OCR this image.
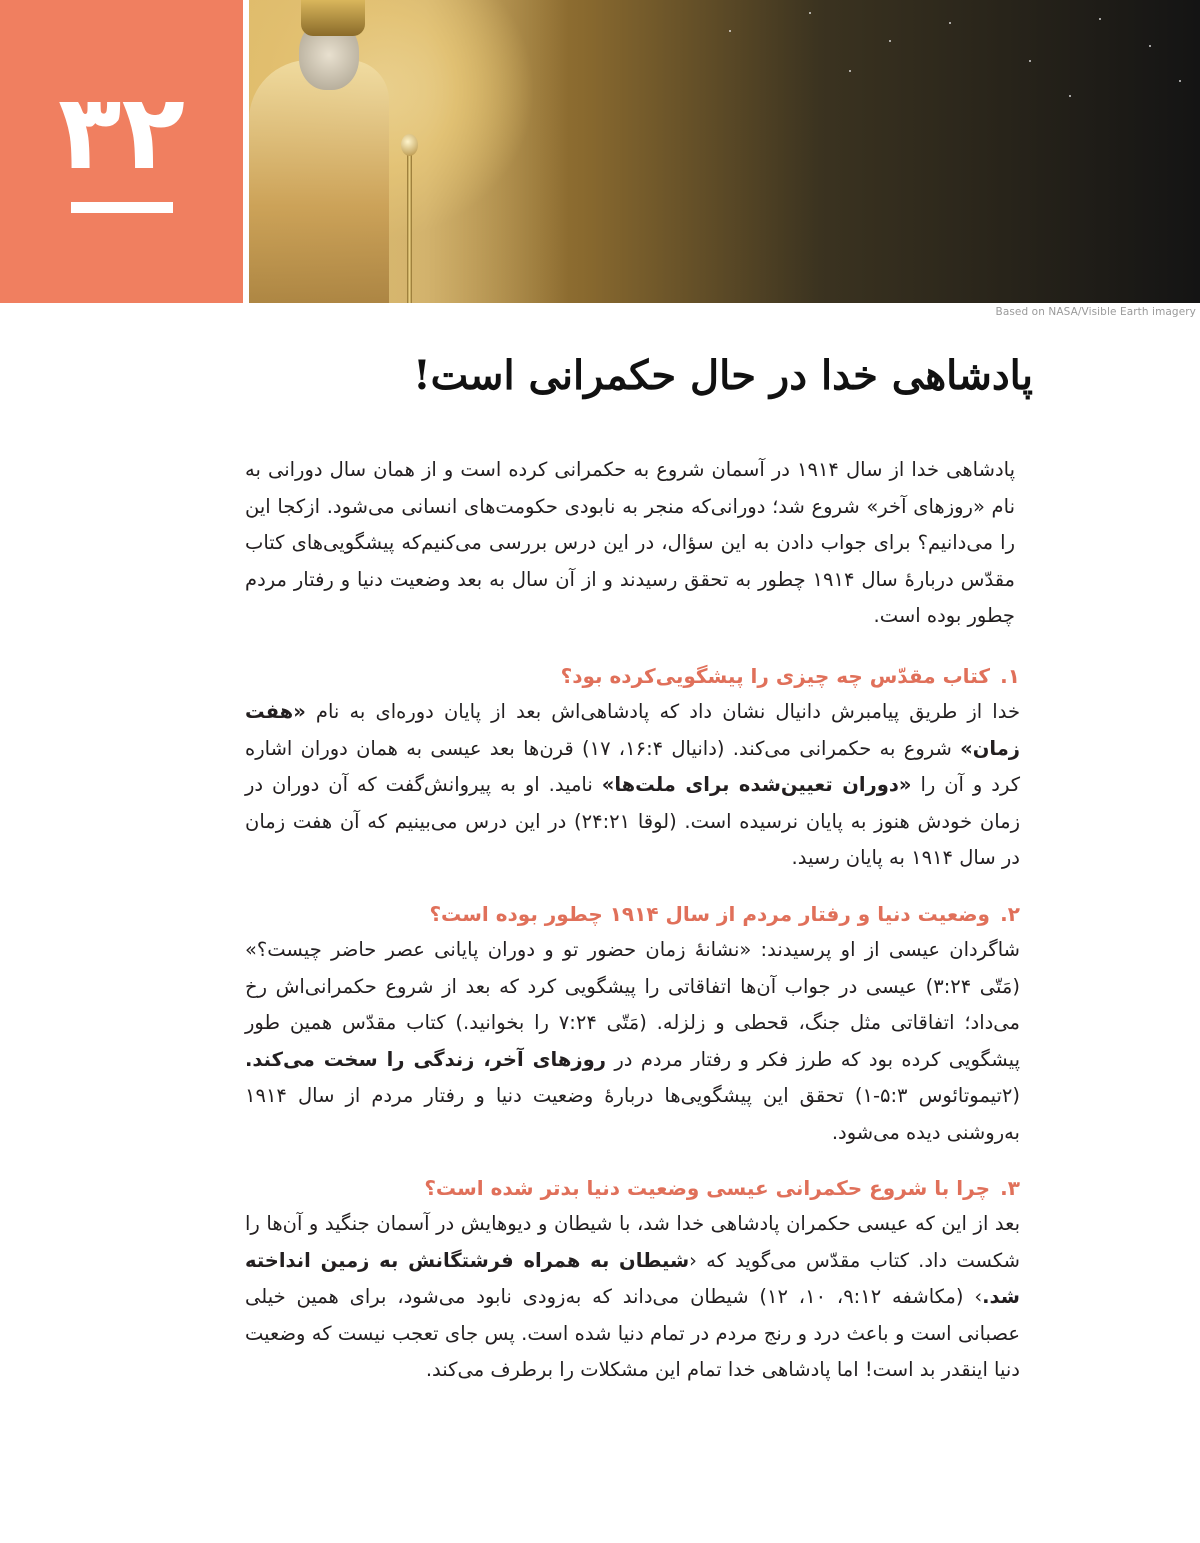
۳۲
Based on NASA/Visible Earth imagery
پادشاهی خدا در حال حکمرانی است!

پادشاهی خدا از سال ۱۹۱۴ در آسمان شروع به حکمرانی کرده است و از همان سال دورانی به نام «روزهای آخر» شروع شد؛ دورانی‌که منجر به نابودی حکومت‌های انسانی می‌شود. ازکجا این را می‌دانیم؟ برای جواب دادن به این سؤال، در این درس بررسی می‌کنیم‌که پیشگویی‌های کتاب مقدّس دربارهٔ سال ۱۹۱۴ چطور به تحقق رسیدند و از آن سال به بعد وضعیت دنیا و رفتار مردم چطور بوده است.

۱.
کتاب مقدّس چه چیزی را پیشگویی‌کرده بود؟

خدا از طریق پیامبرش دانیال نشان داد که پادشاهی‌اش بعد از پایان دوره‌ای به نام «هفت زمان» شروع به حکمرانی می‌کند. (دانیال ۴:‏۱۶، ۱۷) قرن‌ها بعد عیسی به همان دوران اشاره کرد و آن را «دوران تعیین‌شده برای ملت‌ها» نامید. او به پیروانش‌گفت که آن دوران در زمان خودش هنوز به پایان نرسیده است. (لوقا ۲۱:‏۲۴) در این درس می‌بینیم که آن هفت زمان در سال ۱۹۱۴ به پایان رسید.

۲.
وضعیت دنیا و رفتار مردم از سال ۱۹۱۴ چطور بوده است؟

شاگردان عیسی از او پرسیدند: «نشانهٔ زمان حضور تو و دوران پایانی عصر حاضر چیست؟» (مَتّی ۲۴:‏۳) عیسی در جواب آن‌ها اتفاقاتی را پیشگویی کرد که بعد از شروع حکمرانی‌اش رخ می‌داد؛ اتفاقاتی مثل جنگ، قحطی و زلزله. (مَتّی ۲۴:‏۷ را بخوانید.) کتاب مقدّس همین طور پیشگویی کرده بود که طرز فکر و رفتار مردم در روزهای آخر، زندگی را سخت می‌کند. (۲تیموتائوس ۳:‏۱-۵) تحقق این پیشگویی‌ها دربارهٔ وضعیت دنیا و رفتار مردم از سال ۱۹۱۴ به‌روشنی دیده می‌شود.

۳.
چرا با شروع حکمرانی عیسی وضعیت دنیا بدتر شده است؟

بعد از این که عیسی حکمران پادشاهی خدا شد، با شیطان و دیوهایش در آسمان جنگید و آن‌ها را شکست داد. کتاب مقدّس می‌گوید که ‹شیطان به همراه فرشتگانش به زمین انداخته شد.› (مکاشفه ۱۲:‏۹، ۱۰، ۱۲) شیطان می‌داند که به‌زودی نابود می‌شود، برای همین خیلی عصبانی است و باعث درد و رنج مردم در تمام دنیا شده است. پس جای تعجب نیست که وضعیت دنیا اینقدر بد است! اما پادشاهی خدا تمام این مشکلات را برطرف می‌کند.
